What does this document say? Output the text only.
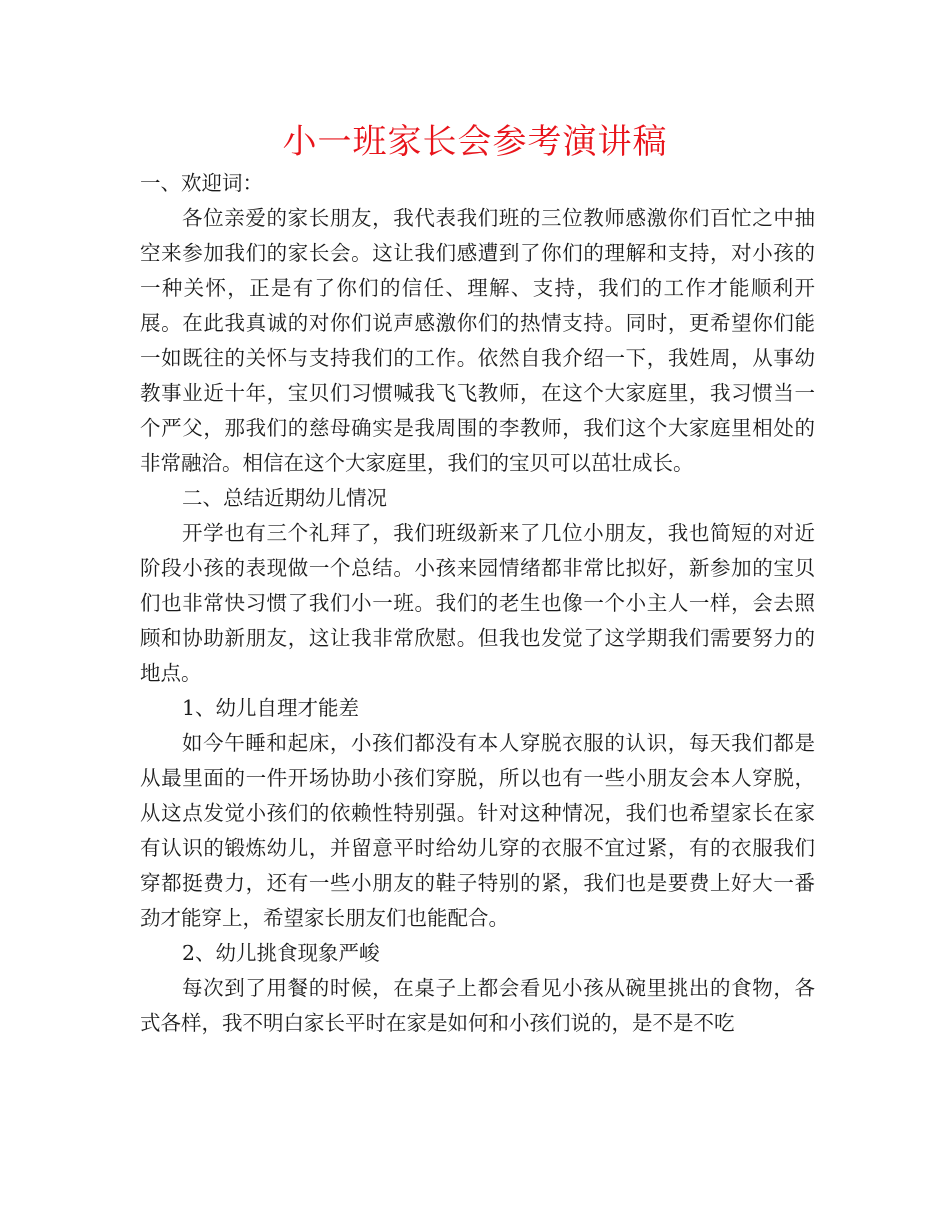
小一班家长会参考演讲稿

一、欢迎词：

各位亲爱的家长朋友，我代表我们班的三位教师感激你们百忙之中抽空来参加我们的家长会。这让我们感遭到了你们的理解和支持，对小孩的一种关怀，正是有了你们的信任、理解、支持，我们的工作才能顺利开展。在此我真诚的对你们说声感激你们的热情支持。同时，更希望你们能一如既往的关怀与支持我们的工作。依然自我介绍一下，我姓周，从事幼教事业近十年，宝贝们习惯喊我飞飞教师，在这个大家庭里，我习惯当一个严父，那我们的慈母确实是我周围的李教师，我们这个大家庭里相处的非常融洽。相信在这个大家庭里，我们的宝贝可以茁壮成长。

二、总结近期幼儿情况

开学也有三个礼拜了，我们班级新来了几位小朋友，我也简短的对近阶段小孩的表现做一个总结。小孩来园情绪都非常比拟好，新参加的宝贝们也非常快习惯了我们小一班。我们的老生也像一个小主人一样，会去照顾和协助新朋友，这让我非常欣慰。但我也发觉了这学期我们需要努力的地点。

1、幼儿自理才能差

如今午睡和起床，小孩们都没有本人穿脱衣服的认识，每天我们都是从最里面的一件开场协助小孩们穿脱，所以也有一些小朋友会本人穿脱，从这点发觉小孩们的依赖性特别强。针对这种情况，我们也希望家长在家有认识的锻炼幼儿，并留意平时给幼儿穿的衣服不宜过紧，有的衣服我们穿都挺费力，还有一些小朋友的鞋子特别的紧，我们也是要费上好大一番劲才能穿上，希望家长朋友们也能配合。

2、幼儿挑食现象严峻

每次到了用餐的时候，在桌子上都会看见小孩从碗里挑出的食物，各式各样，我不明白家长平时在家是如何和小孩们说的，是不是不吃
